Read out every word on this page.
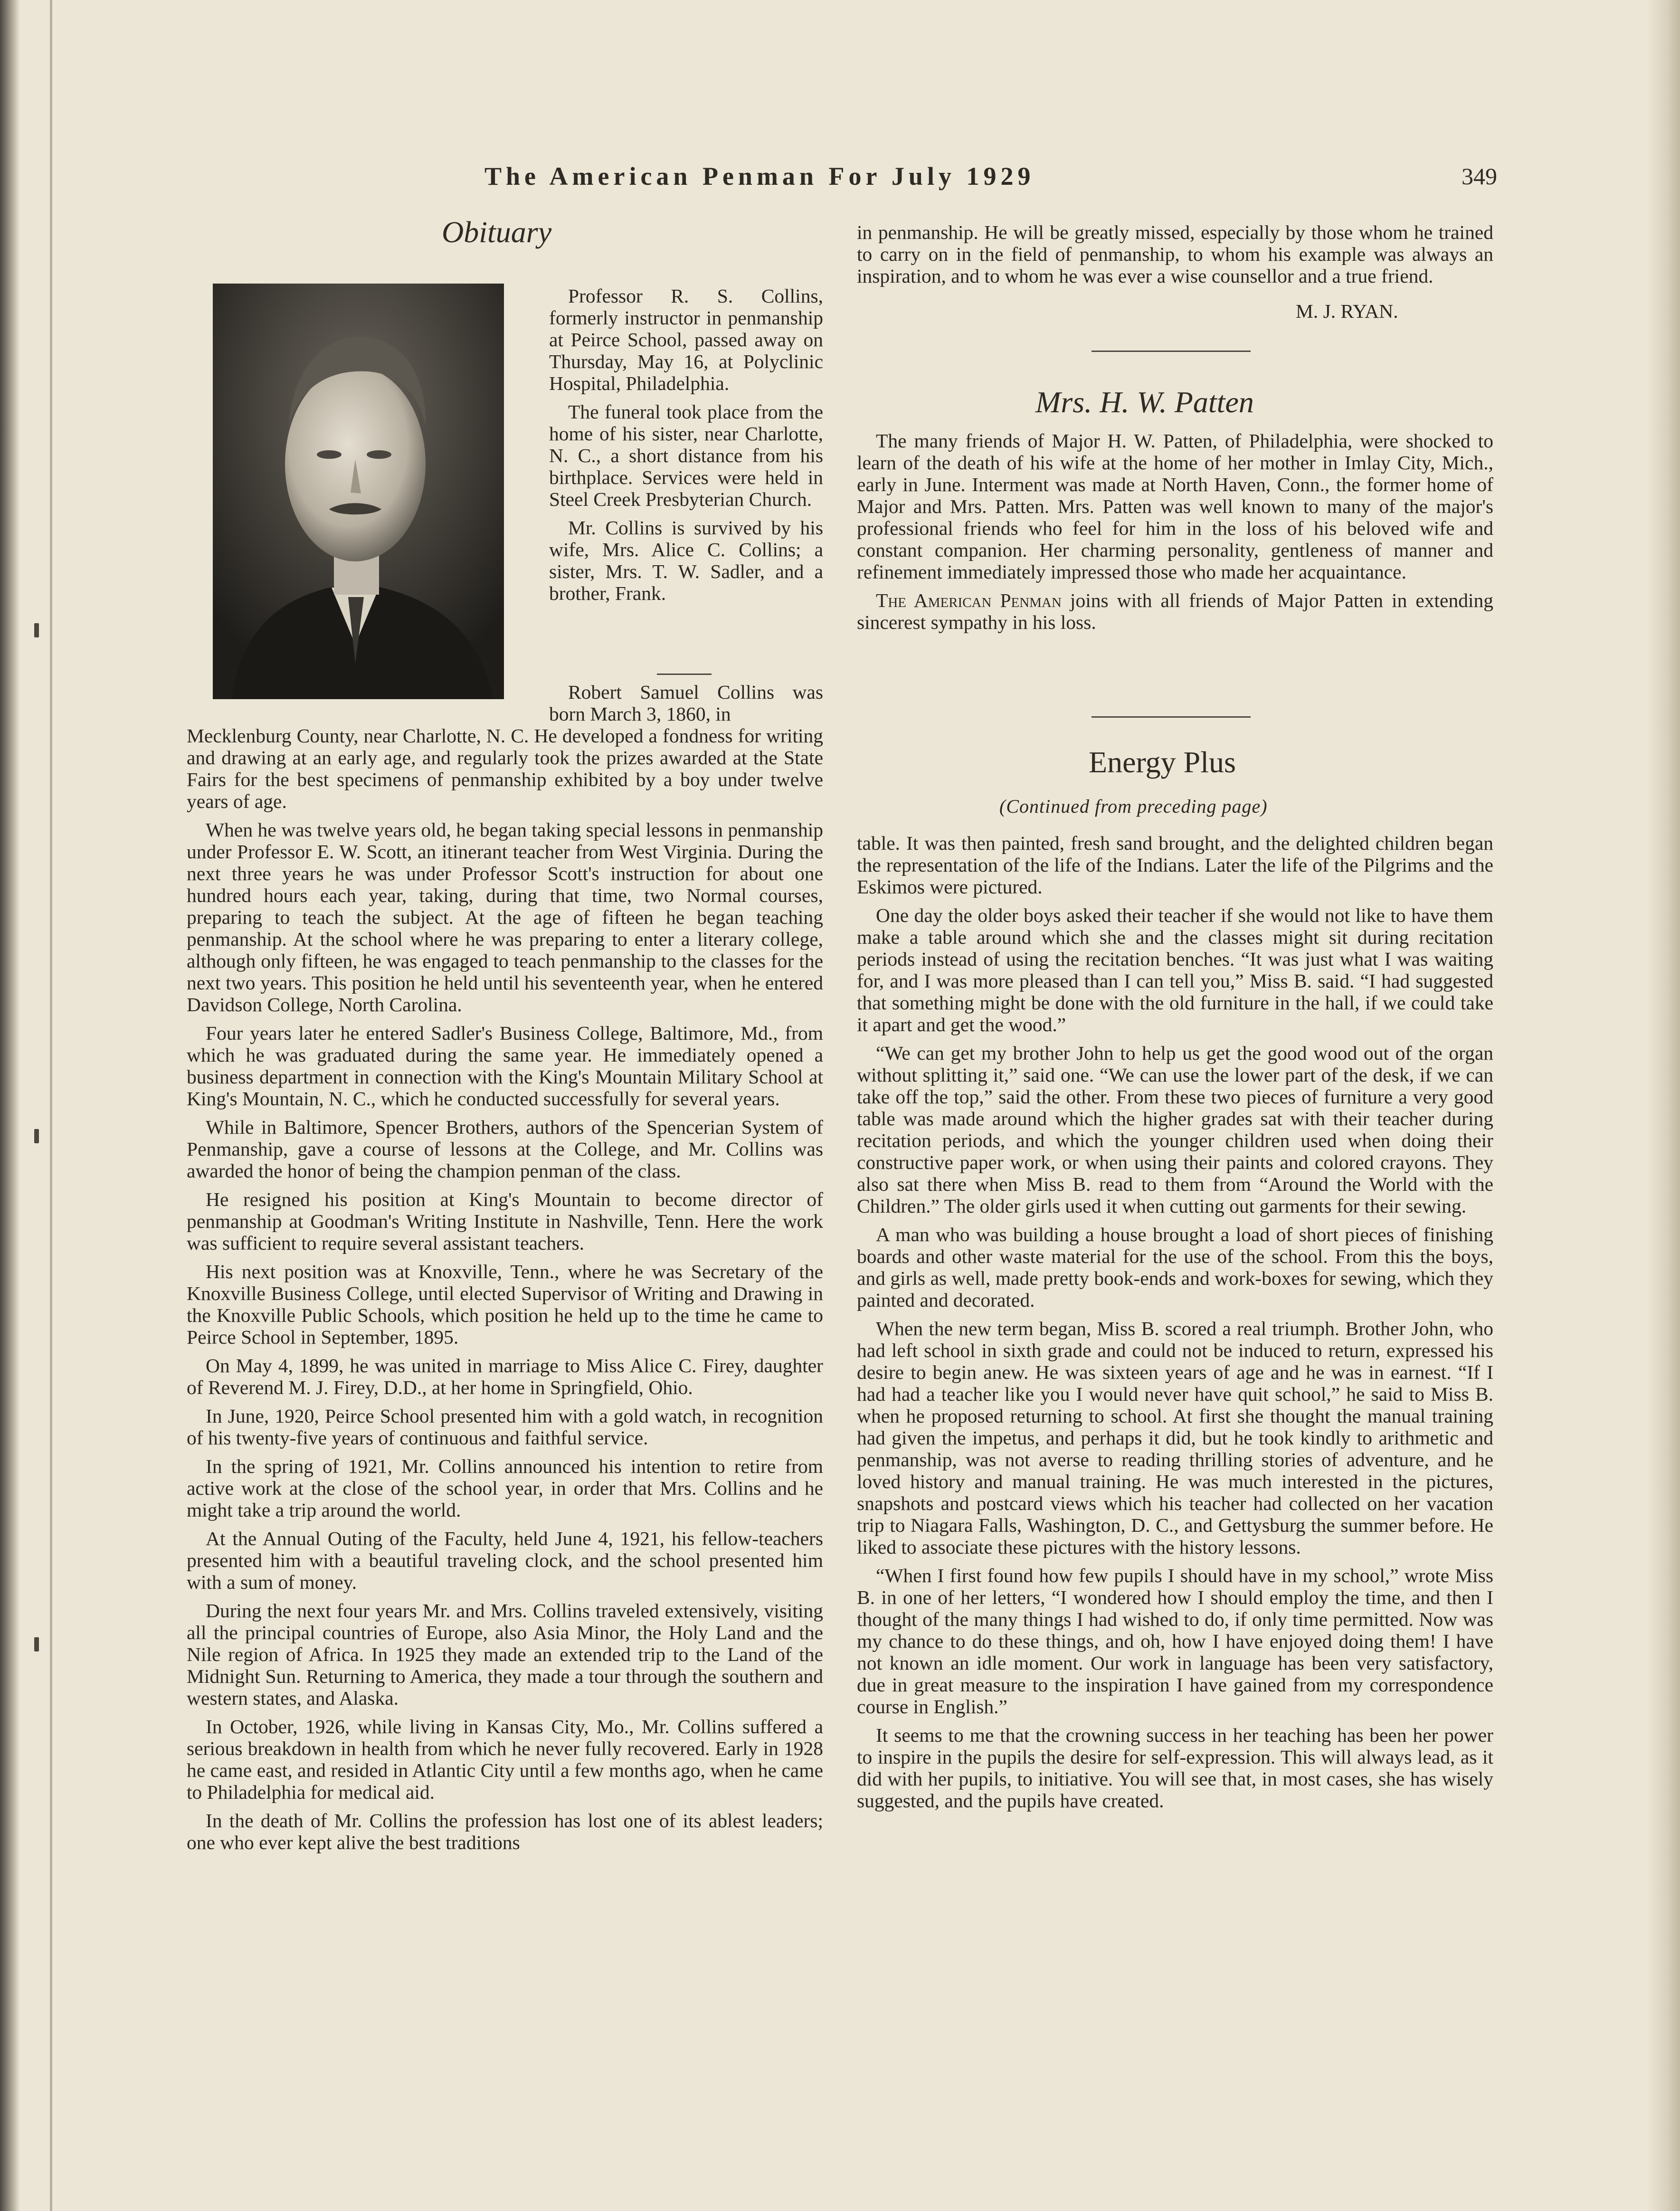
The American Penman For July 1929	349
Obituary

Professor R. S. Collins, formerly instructor in penmanship at Peirce School, passed away on Thursday, May 16, at Polyclinic Hospital, Philadelphia.

The funeral took place from the home of his sister, near Charlotte, N. C., a short distance from his birthplace. Services were held in Steel Creek Presbyterian Church.

Mr. Collins is survived by his wife, Mrs. Alice C. Collins; a sister, Mrs. T. W. Sadler, and a brother, Frank.

Robert Samuel Collins was born March 3, 1860, in

Mecklenburg County, near Charlotte, N. C. He developed a fondness for writing and drawing at an early age, and regularly took the prizes awarded at the State Fairs for the best specimens of penmanship exhibited by a boy under twelve years of age.

When he was twelve years old, he began taking special lessons in penmanship under Professor E. W. Scott, an itinerant teacher from West Virginia. During the next three years he was under Professor Scott's instruction for about one hundred hours each year, taking, during that time, two Normal courses, preparing to teach the subject. At the age of fifteen he began teaching penmanship. At the school where he was preparing to enter a literary college, although only fifteen, he was engaged to teach penmanship to the classes for the next two years. This position he held until his seventeenth year, when he entered Davidson College, North Carolina.

Four years later he entered Sadler's Business College, Baltimore, Md., from which he was graduated during the same year. He immediately opened a business department in connection with the King's Mountain Military School at King's Mountain, N. C., which he conducted successfully for several years.

While in Baltimore, Spencer Brothers, authors of the Spencerian System of Penmanship, gave a course of lessons at the College, and Mr. Collins was awarded the honor of being the champion penman of the class.

He resigned his position at King's Mountain to become director of penmanship at Goodman's Writing Institute in Nashville, Tenn. Here the work was sufficient to require several assistant teachers.

His next position was at Knoxville, Tenn., where he was Secretary of the Knoxville Business College, until elected Supervisor of Writing and Drawing in the Knoxville Public Schools, which position he held up to the time he came to Peirce School in September, 1895.

On May 4, 1899, he was united in marriage to Miss Alice C. Firey, daughter of Reverend M. J. Firey, D.D., at her home in Springfield, Ohio.

In June, 1920, Peirce School presented him with a gold watch, in recognition of his twenty-five years of continuous and faithful service.

In the spring of 1921, Mr. Collins announced his intention to retire from active work at the close of the school year, in order that Mrs. Collins and he might take a trip around the world.

At the Annual Outing of the Faculty, held June 4, 1921, his fellow-teachers presented him with a beautiful traveling clock, and the school presented him with a sum of money.

During the next four years Mr. and Mrs. Collins traveled extensively, visiting all the principal countries of Europe, also Asia Minor, the Holy Land and the Nile region of Africa. In 1925 they made an extended trip to the Land of the Midnight Sun. Returning to America, they made a tour through the southern and western states, and Alaska.

In October, 1926, while living in Kansas City, Mo., Mr. Collins suffered a serious breakdown in health from which he never fully recovered. Early in 1928 he came east, and resided in Atlantic City until a few months ago, when he came to Philadelphia for medical aid.

In the death of Mr. Collins the profession has lost one of its ablest leaders; one who ever kept alive the best traditions

in penmanship. He will be greatly missed, especially by those whom he trained to carry on in the field of penmanship, to whom his example was always an inspiration, and to whom he was ever a wise counsellor and a true friend.

M. J. RYAN.
Mrs. H. W. Patten

The many friends of Major H. W. Patten, of Philadelphia, were shocked to learn of the death of his wife at the home of her mother in Imlay City, Mich., early in June. Interment was made at North Haven, Conn., the former home of Major and Mrs. Patten. Mrs. Patten was well known to many of the major's professional friends who feel for him in the loss of his beloved wife and constant companion. Her charming personality, gentleness of manner and refinement immediately impressed those who made her acquaintance.

The American Penman joins with all friends of Major Patten in extending sincerest sympathy in his loss.

Energy Plus
(Continued from preceding page)

table. It was then painted, fresh sand brought, and the delighted children began the representation of the life of the Indians. Later the life of the Pilgrims and the Eskimos were pictured.

One day the older boys asked their teacher if she would not like to have them make a table around which she and the classes might sit during recitation periods instead of using the recitation benches. “It was just what I was waiting for, and I was more pleased than I can tell you,” Miss B. said. “I had suggested that something might be done with the old furniture in the hall, if we could take it apart and get the wood.”

“We can get my brother John to help us get the good wood out of the organ without splitting it,” said one. “We can use the lower part of the desk, if we can take off the top,” said the other. From these two pieces of furniture a very good table was made around which the higher grades sat with their teacher during recitation periods, and which the younger children used when doing their constructive paper work, or when using their paints and colored crayons. They also sat there when Miss B. read to them from “Around the World with the Children.” The older girls used it when cutting out garments for their sewing.

A man who was building a house brought a load of short pieces of finishing boards and other waste material for the use of the school. From this the boys, and girls as well, made pretty book-ends and work-boxes for sewing, which they painted and decorated.

When the new term began, Miss B. scored a real triumph. Brother John, who had left school in sixth grade and could not be induced to return, expressed his desire to begin anew. He was sixteen years of age and he was in earnest. “If I had had a teacher like you I would never have quit school,” he said to Miss B. when he proposed returning to school. At first she thought the manual training had given the impetus, and perhaps it did, but he took kindly to arithmetic and penmanship, was not averse to reading thrilling stories of adventure, and he loved history and manual training. He was much interested in the pictures, snapshots and postcard views which his teacher had collected on her vacation trip to Niagara Falls, Washington, D. C., and Gettysburg the summer before. He liked to associate these pictures with the history lessons.

“When I first found how few pupils I should have in my school,” wrote Miss B. in one of her letters, “I wondered how I should employ the time, and then I thought of the many things I had wished to do, if only time permitted. Now was my chance to do these things, and oh, how I have enjoyed doing them! I have not known an idle moment. Our work in language has been very satisfactory, due in great measure to the inspiration I have gained from my correspondence course in English.”

It seems to me that the crowning success in her teaching has been her power to inspire in the pupils the desire for self-expression. This will always lead, as it did with her pupils, to initiative. You will see that, in most cases, she has wisely suggested, and the pupils have created.
